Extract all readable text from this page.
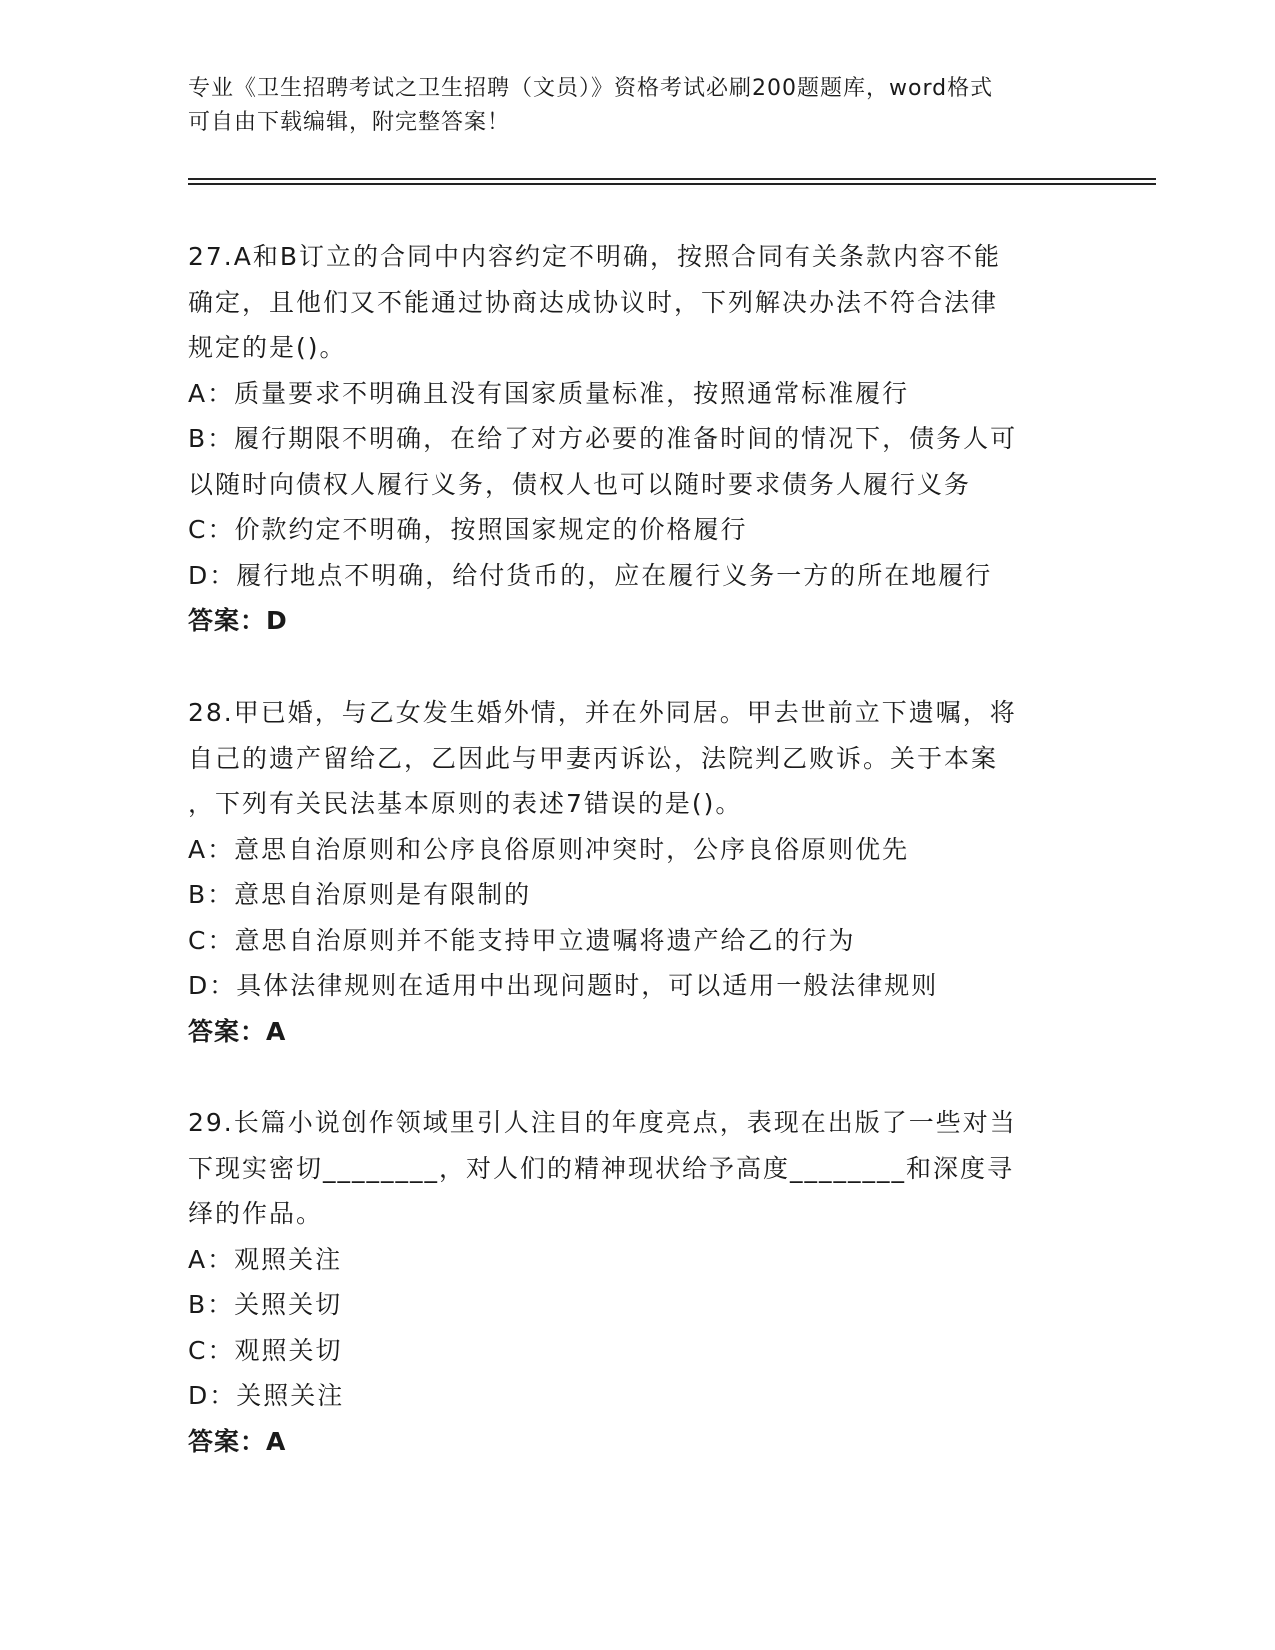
专业《卫生招聘考试之卫生招聘（文员）》资格考试必刷200题题库，word格式
可自由下载编辑，附完整答案！
27.A和B订立的合同中内容约定不明确，按照合同有关条款内容不能
确定，且他们又不能通过协商达成协议时，下列解决办法不符合法律
规定的是()。
A：质量要求不明确且没有国家质量标准，按照通常标准履行
B：履行期限不明确，在给了对方必要的准备时间的情况下，债务人可
以随时向债权人履行义务，债权人也可以随时要求债务人履行义务
C：价款约定不明确，按照国家规定的价格履行
D：履行地点不明确，给付货币的，应在履行义务一方的所在地履行
答案：D
28.甲已婚，与乙女发生婚外情，并在外同居。甲去世前立下遗嘱，将
自己的遗产留给乙，乙因此与甲妻丙诉讼，法院判乙败诉。关于本案
，下列有关民法基本原则的表述7错误的是()。
A：意思自治原则和公序良俗原则冲突时，公序良俗原则优先
B：意思自治原则是有限制的
C：意思自治原则并不能支持甲立遗嘱将遗产给乙的行为
D：具体法律规则在适用中出现问题时，可以适用一般法律规则
答案：A
29.长篇小说创作领域里引人注目的年度亮点，表现在出版了一些对当
下现实密切________，对人们的精神现状给予高度________和深度寻
绎的作品。
A：观照关注
B：关照关切
C：观照关切
D：关照关注
答案：A
